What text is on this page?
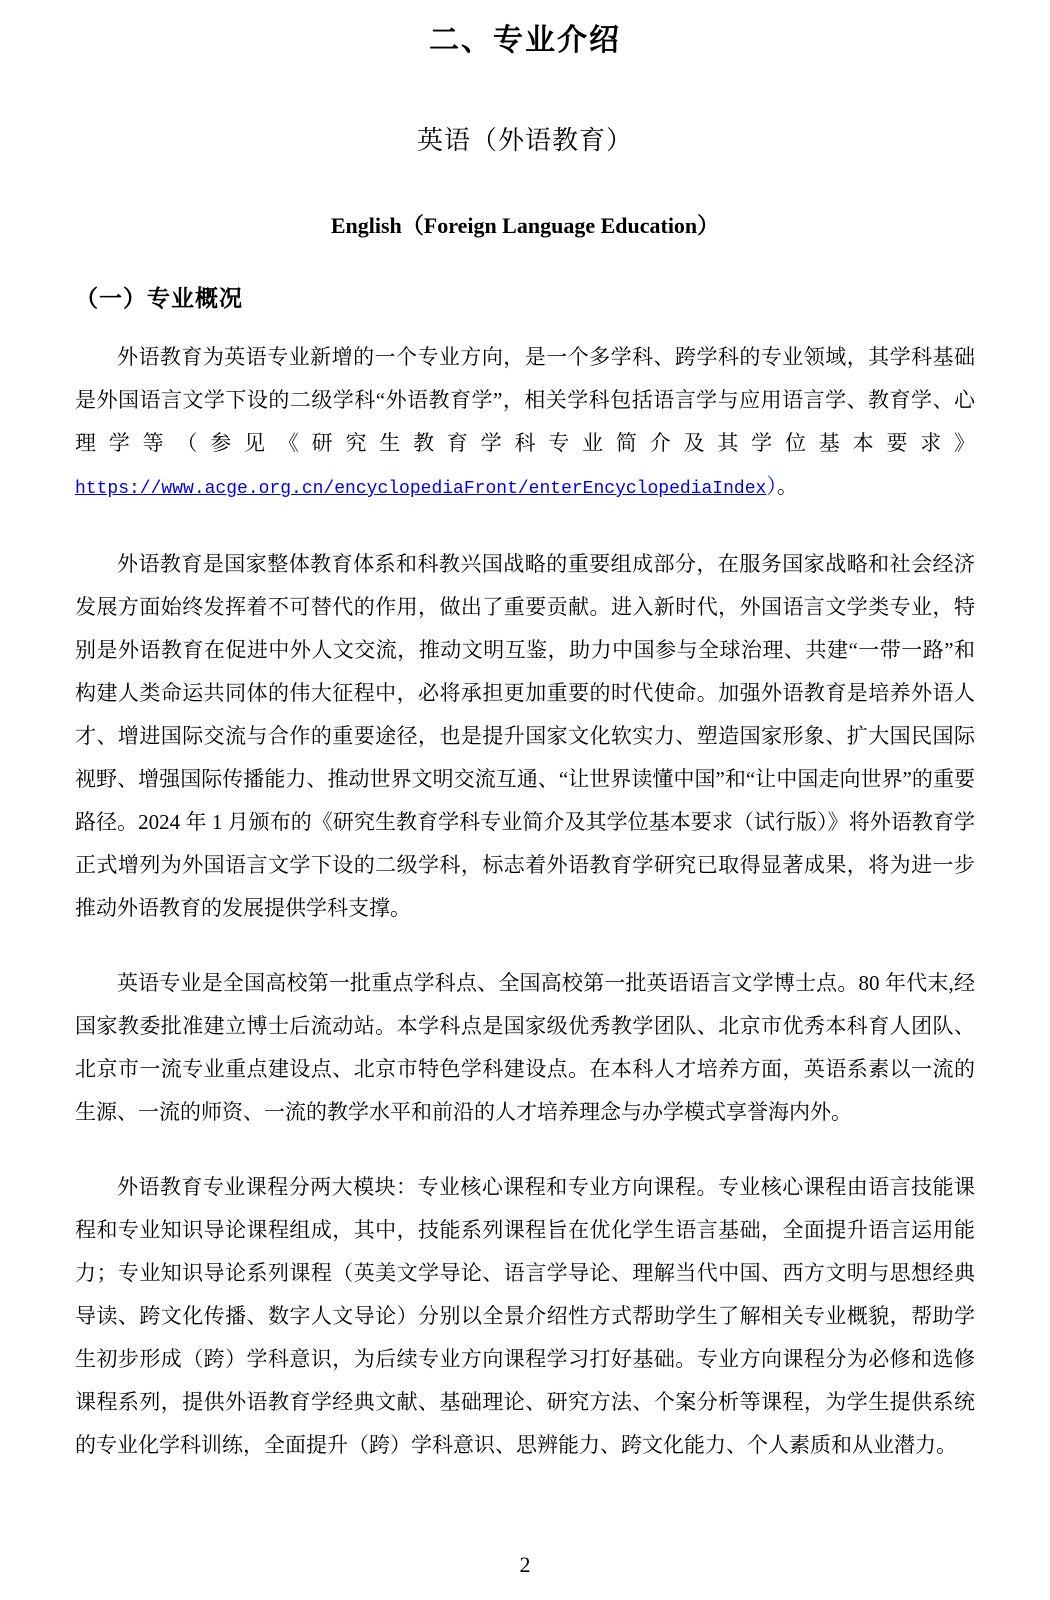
二、专业介绍
英语（外语教育）
English（Foreign Language Education）
（一）专业概况

外语教育为英语专业新增的一个专业方向，是一个多学科、跨学科的专业领域，其学科基础是外国语言文学下设的二级学科“外语教育学”，相关学科包括语言学与应用语言学、教育学、心理学等（参见《研究生教育学科专业简介及其学位基本要求》https://www.acge.org.cn/encyclopediaFront/enterEncyclopediaIndex）。

外语教育是国家整体教育体系和科教兴国战略的重要组成部分，在服务国家战略和社会经济发展方面始终发挥着不可替代的作用，做出了重要贡献。进入新时代，外国语言文学类专业，特别是外语教育在促进中外人文交流，推动文明互鉴，助力中国参与全球治理、共建“一带一路”和构建人类命运共同体的伟大征程中，必将承担更加重要的时代使命。加强外语教育是培养外语人才、增进国际交流与合作的重要途径，也是提升国家文化软实力、塑造国家形象、扩大国民国际视野、增强国际传播能力、推动世界文明交流互通、“让世界读懂中国”和“让中国走向世界”的重要路径。2024 年 1 月颁布的《研究生教育学科专业简介及其学位基本要求（试行版）》将外语教育学正式增列为外国语言文学下设的二级学科，标志着外语教育学研究已取得显著成果，将为进一步推动外语教育的发展提供学科支撑。

英语专业是全国高校第一批重点学科点、全国高校第一批英语语言文学博士点。80 年代末,经国家教委批准建立博士后流动站。本学科点是国家级优秀教学团队、北京市优秀本科育人团队、北京市一流专业重点建设点、北京市特色学科建设点。在本科人才培养方面，英语系素以一流的生源、一流的师资、一流的教学水平和前沿的人才培养理念与办学模式享誉海内外。

外语教育专业课程分两大模块：专业核心课程和专业方向课程。专业核心课程由语言技能课程和专业知识导论课程组成，其中，技能系列课程旨在优化学生语言基础，全面提升语言运用能力；专业知识导论系列课程（英美文学导论、语言学导论、理解当代中国、西方文明与思想经典导读、跨文化传播、数字人文导论）分别以全景介绍性方式帮助学生了解相关专业概貌，帮助学生初步形成（跨）学科意识，为后续专业方向课程学习打好基础。专业方向课程分为必修和选修课程系列，提供外语教育学经典文献、基础理论、研究方法、个案分析等课程，为学生提供系统的专业化学科训练，全面提升（跨）学科意识、思辨能力、跨文化能力、个人素质和从业潜力。

2
